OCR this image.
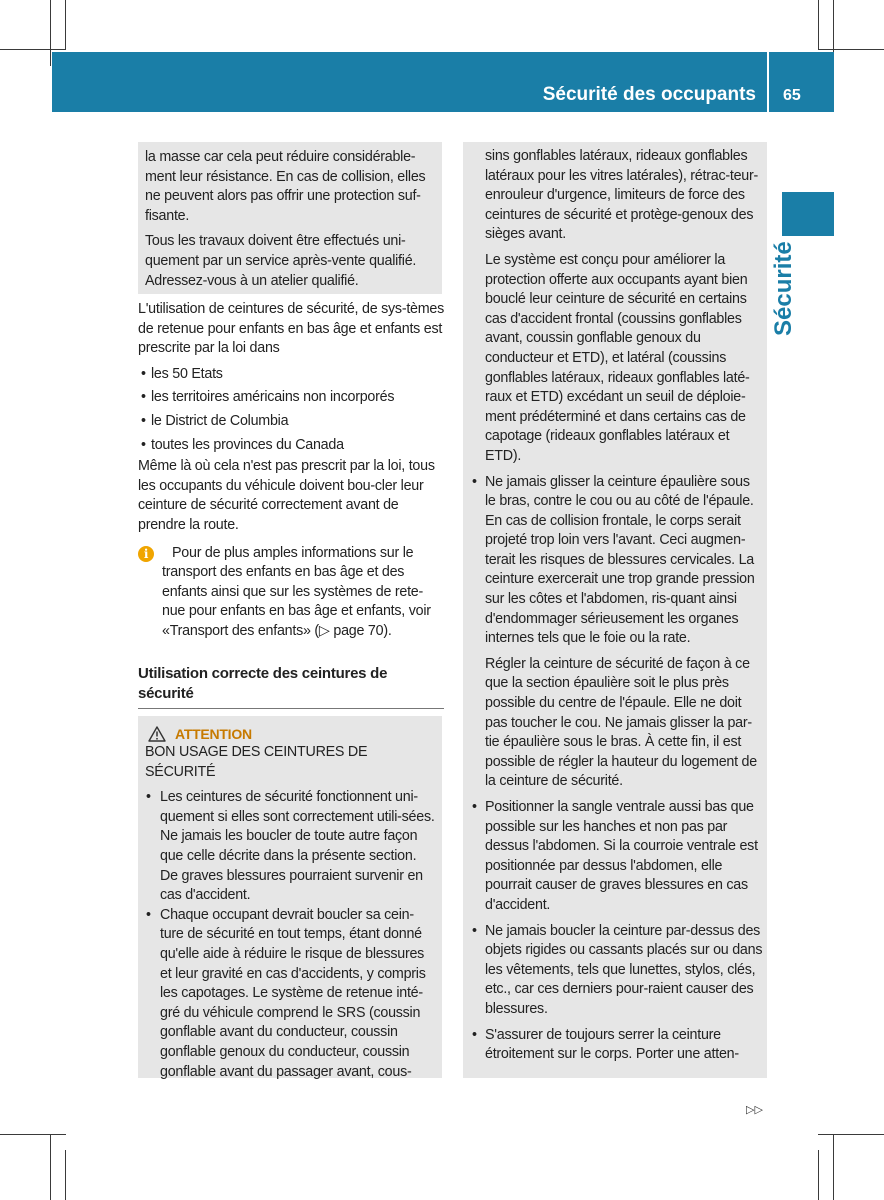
Sécurité des occupants 65
Sécurité

la masse car cela peut réduire considérable-ment leur résistance. En cas de collision, elles ne peuvent alors pas offrir une protection suf-fisante.

Tous les travaux doivent être effectués uni-quement par un service après-vente qualifié. Adressez-vous à un atelier qualifié.

L'utilisation de ceintures de sécurité, de sys-tèmes de retenue pour enfants en bas âge et enfants est prescrite par la loi dans

• les 50 Etats

• les territoires américains non incorporés

• le District de Columbia

• toutes les provinces du Canada

Même là où cela n'est pas prescrit par la loi, tous les occupants du véhicule doivent bou-cler leur ceinture de sécurité correctement avant de prendre la route.

i	Pour de plus amples informations sur le transport des enfants en bas âge et des enfants ainsi que sur les systèmes de rete-nue pour enfants en bas âge et enfants, voir «Transport des enfants» (▷ page 70).

Utilisation correcte des ceintures de sécurité
ATTENTION

BON USAGE DES CEINTURES DE SÉCURITÉ

• Les ceintures de sécurité fonctionnent uni-quement si elles sont correctement utili-sées. Ne jamais les boucler de toute autre façon que celle décrite dans la présente section. De graves blessures pourraient survenir en cas d'accident.

• Chaque occupant devrait boucler sa cein-ture de sécurité en tout temps, étant donné qu'elle aide à réduire le risque de blessures et leur gravité en cas d'accidents, y compris les capotages. Le système de retenue inté-gré du véhicule comprend le SRS (coussin gonflable avant du conducteur, coussin gonflable genoux du conducteur, coussin gonflable avant du passager avant, cous-

sins gonflables latéraux, rideaux gonflables latéraux pour les vitres latérales), rétrac-teur-enrouleur d'urgence, limiteurs de force des ceintures de sécurité et protège-genoux des sièges avant.

Le système est conçu pour améliorer la protection offerte aux occupants ayant bien bouclé leur ceinture de sécurité en certains cas d'accident frontal (coussins gonflables avant, coussin gonflable genoux du conducteur et ETD), et latéral (coussins gonflables latéraux, rideaux gonflables laté-raux et ETD) excédant un seuil de déploie-ment prédéterminé et dans certains cas de capotage (rideaux gonflables latéraux et ETD).

• Ne jamais glisser la ceinture épaulière sous le bras, contre le cou ou au côté de l'épaule. En cas de collision frontale, le corps serait projeté trop loin vers l'avant. Ceci augmen-terait les risques de blessures cervicales. La ceinture exercerait une trop grande pression sur les côtes et l'abdomen, ris-quant ainsi d'endommager sérieusement les organes internes tels que le foie ou la rate.

Régler la ceinture de sécurité de façon à ce que la section épaulière soit le plus près possible du centre de l'épaule. Elle ne doit pas toucher le cou. Ne jamais glisser la par-tie épaulière sous le bras. À cette fin, il est possible de régler la hauteur du logement de la ceinture de sécurité.

• Positionner la sangle ventrale aussi bas que possible sur les hanches et non pas par dessus l'abdomen. Si la courroie ventrale est positionnée par dessus l'abdomen, elle pourrait causer de graves blessures en cas d'accident.

• Ne jamais boucler la ceinture par-dessus des objets rigides ou cassants placés sur ou dans les vêtements, tels que lunettes, stylos, clés, etc., car ces derniers pour-raient causer des blessures.

• S'assurer de toujours serrer la ceinture étroitement sur le corps. Porter une atten-

▷▷
